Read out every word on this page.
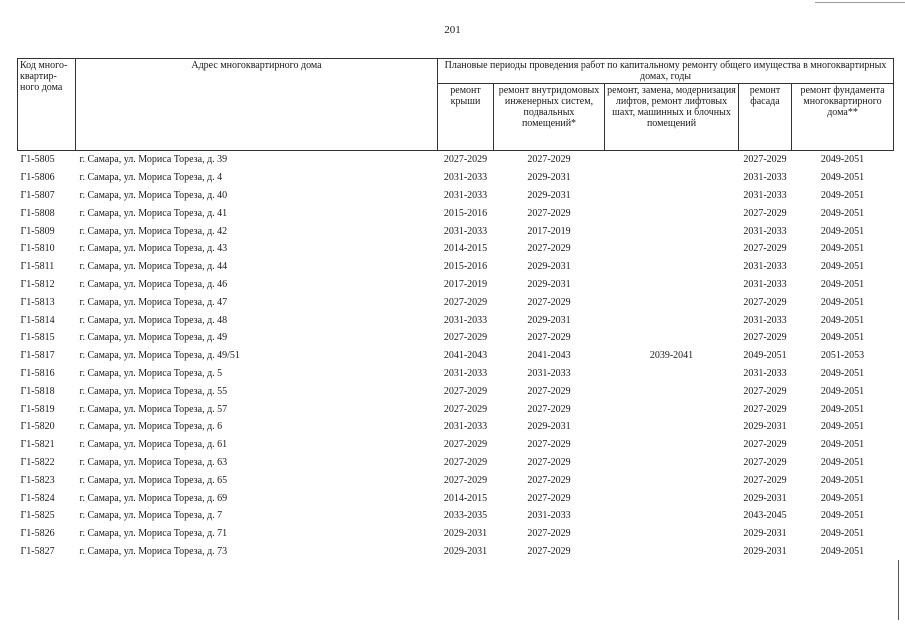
201
Код много-квартир-ного дома	Адрес многоквартирного дома	Плановые периоды проведения работ по капитальному ремонту общего имущества в многоквартирных домах, годы				
		ремонт крыши	ремонт внутридомовых инженерных систем, подвальных помещений*	ремонт, замена, модернизация лифтов, ремонт лифтовых шахт, машинных и блочных помещений	ремонт фасада	ремонт фундамента многоквартирного дома**
Г1-5805	г. Самара, ул. Мориса Тореза, д. 39	2027-2029	2027-2029		2027-2029	2049-2051
Г1-5806	г. Самара, ул. Мориса Тореза, д. 4	2031-2033	2029-2031		2031-2033	2049-2051
Г1-5807	г. Самара, ул. Мориса Тореза, д. 40	2031-2033	2029-2031		2031-2033	2049-2051
Г1-5808	г. Самара, ул. Мориса Тореза, д. 41	2015-2016	2027-2029		2027-2029	2049-2051
Г1-5809	г. Самара, ул. Мориса Тореза, д. 42	2031-2033	2017-2019		2031-2033	2049-2051
Г1-5810	г. Самара, ул. Мориса Тореза, д. 43	2014-2015	2027-2029		2027-2029	2049-2051
Г1-5811	г. Самара, ул. Мориса Тореза, д. 44	2015-2016	2029-2031		2031-2033	2049-2051
Г1-5812	г. Самара, ул. Мориса Тореза, д. 46	2017-2019	2029-2031		2031-2033	2049-2051
Г1-5813	г. Самара, ул. Мориса Тореза, д. 47	2027-2029	2027-2029		2027-2029	2049-2051
Г1-5814	г. Самара, ул. Мориса Тореза, д. 48	2031-2033	2029-2031		2031-2033	2049-2051
Г1-5815	г. Самара, ул. Мориса Тореза, д. 49	2027-2029	2027-2029		2027-2029	2049-2051
Г1-5817	г. Самара, ул. Мориса Тореза, д. 49/51	2041-2043	2041-2043	2039-2041	2049-2051	2051-2053
Г1-5816	г. Самара, ул. Мориса Тореза, д. 5	2031-2033	2031-2033		2031-2033	2049-2051
Г1-5818	г. Самара, ул. Мориса Тореза, д. 55	2027-2029	2027-2029		2027-2029	2049-2051
Г1-5819	г. Самара, ул. Мориса Тореза, д. 57	2027-2029	2027-2029		2027-2029	2049-2051
Г1-5820	г. Самара, ул. Мориса Тореза, д. 6	2031-2033	2029-2031		2029-2031	2049-2051
Г1-5821	г. Самара, ул. Мориса Тореза, д. 61	2027-2029	2027-2029		2027-2029	2049-2051
Г1-5822	г. Самара, ул. Мориса Тореза, д. 63	2027-2029	2027-2029		2027-2029	2049-2051
Г1-5823	г. Самара, ул. Мориса Тореза, д. 65	2027-2029	2027-2029		2027-2029	2049-2051
Г1-5824	г. Самара, ул. Мориса Тореза, д. 69	2014-2015	2027-2029		2029-2031	2049-2051
Г1-5825	г. Самара, ул. Мориса Тореза, д. 7	2033-2035	2031-2033		2043-2045	2049-2051
Г1-5826	г. Самара, ул. Мориса Тореза, д. 71	2029-2031	2027-2029		2029-2031	2049-2051
Г1-5827	г. Самара, ул. Мориса Тореза, д. 73	2029-2031	2027-2029		2029-2031	2049-2051
